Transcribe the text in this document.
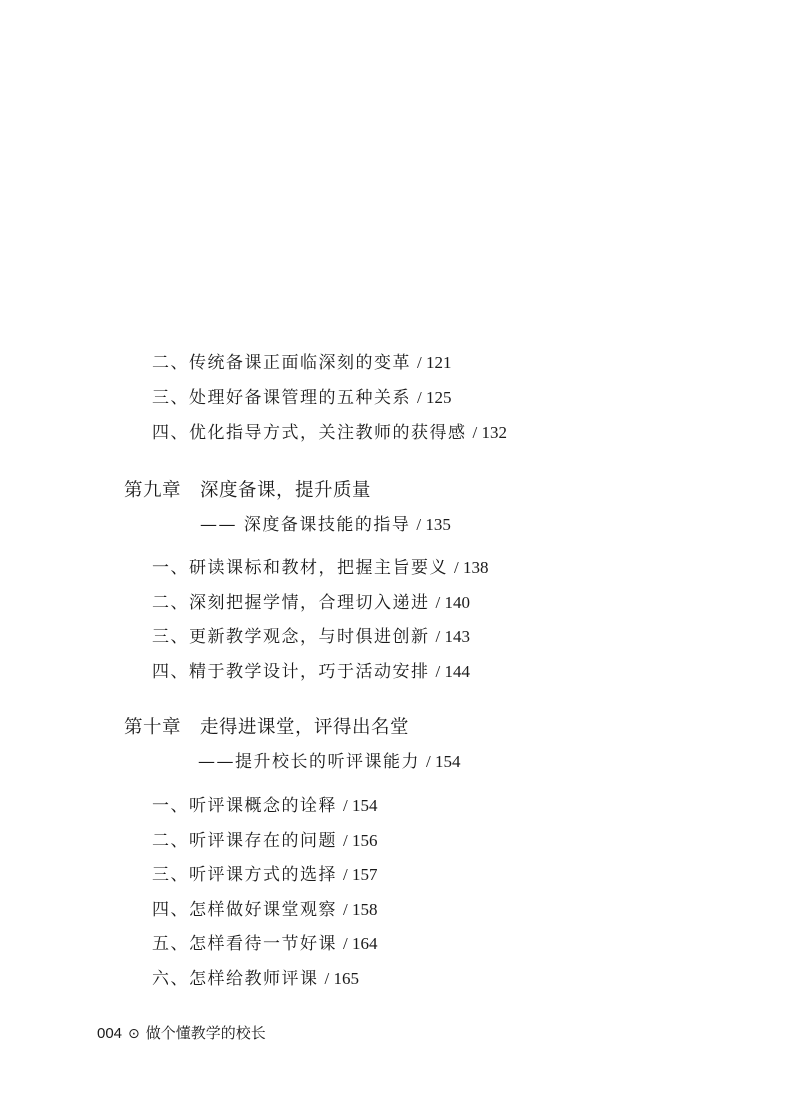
二、传统备课正面临深刻的变革 / 121
三、处理好备课管理的五种关系 / 125
四、优化指导方式，关注教师的获得感 / 132
第九章 深度备课，提升质量
—— 深度备课技能的指导 / 135
一、研读课标和教材，把握主旨要义 / 138
二、深刻把握学情，合理切入递进 / 140
三、更新教学观念，与时俱进创新 / 143
四、精于教学设计，巧于活动安排 / 144
第十章 走得进课堂，评得出名堂
——提升校长的听评课能力 / 154
一、听评课概念的诠释 / 154
二、听评课存在的问题 / 156
三、听评课方式的选择 / 157
四、怎样做好课堂观察 / 158
五、怎样看待一节好课 / 164
六、怎样给教师评课 / 165
004 ⊙ 做个懂教学的校长
